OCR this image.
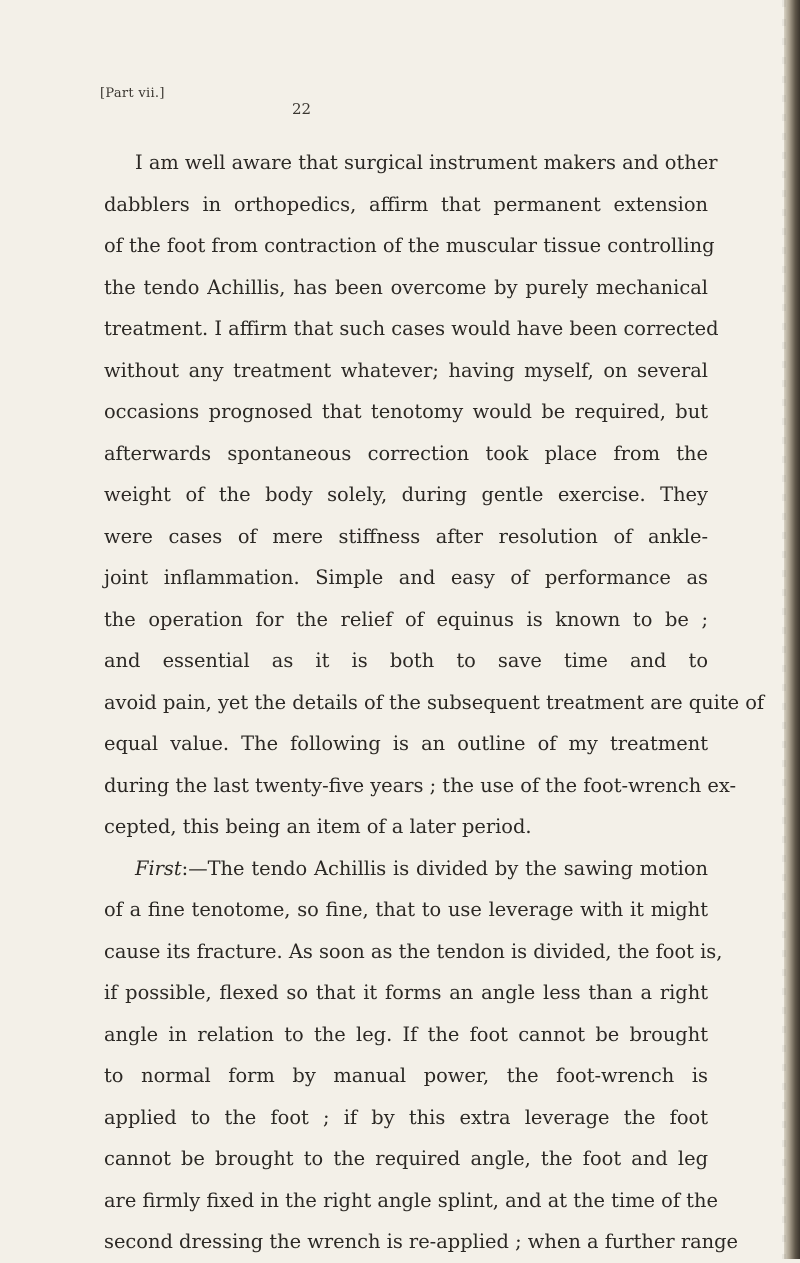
[Part vii.]
22
I am well aware that surgical instrument makers and other
dabblers in orthopedics, affirm that permanent extension
of the foot from contraction of the muscular tissue controlling
the tendo Achillis, has been overcome by purely mechanical
treatment. I affirm that such cases would have been corrected
without any treatment whatever; having myself, on several
occasions prognosed that tenotomy would be required, but
afterwards spontaneous correction took place from the
weight of the body solely, during gentle exercise. They
were cases of mere stiffness after resolution of ankle-
joint inflammation. Simple and easy of performance as
the operation for the relief of equinus is known to be ;
and essential as it is both to save time and to
avoid pain, yet the details of the subsequent treatment are quite of
equal value. The following is an outline of my treatment
during the last twenty-five years ; the use of the foot-wrench ex-
cepted, this being an item of a later period.
First:—The tendo Achillis is divided by the sawing motion
of a fine tenotome, so fine, that to use leverage with it might
cause its fracture. As soon as the tendon is divided, the foot is,
if possible, flexed so that it forms an angle less than a right
angle in relation to the leg. If the foot cannot be brought
to normal form by manual power, the foot-wrench is
applied to the foot ; if by this extra leverage the foot
cannot be brought to the required angle, the foot and leg
are firmly fixed in the right angle splint, and at the time of the
second dressing the wrench is re-applied ; when a further range
